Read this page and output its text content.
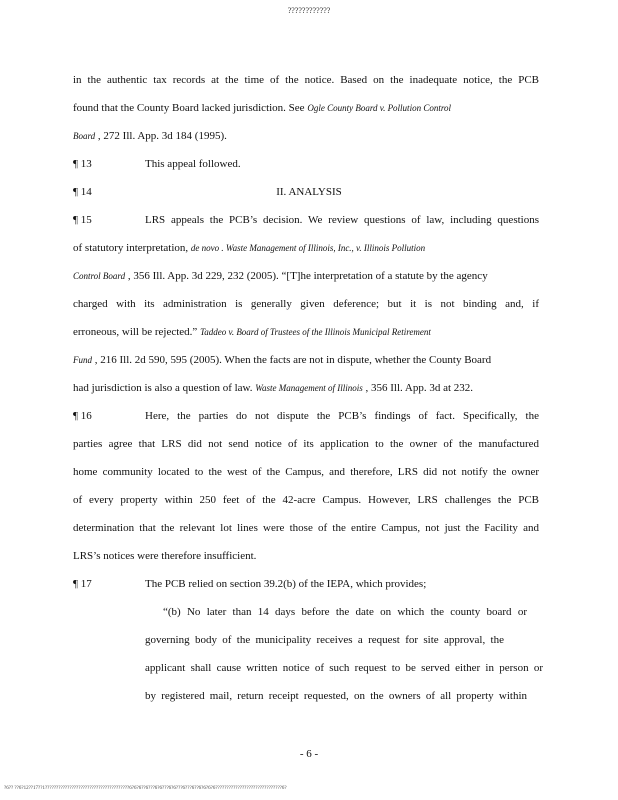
????????????
in the authentic tax records at the time of the notice. Based on the inadequate notice, the PCB
found that the County Board lacked jurisdiction. See Ogle County Board v. Pollution Control
Board , 272 Ill. App. 3d 184 (1995).
¶ 13	This appeal followed.
¶ 14	II. ANALYSIS
¶ 15	LRS appeals the PCB’s decision. We review questions of law, including questions
of statutory interpretation, de novo . Waste Management of Illinois, Inc., v. Illinois Pollution
Control Board , 356 Ill. App. 3d 229, 232 (2005). “[T]he interpretation of a statute by the agency
charged with its administration is generally given deference; but it is not binding and, if
erroneous, will be rejected.” Taddeo v. Board of Trustees of the Illinois Municipal Retirement
Fund , 216 Ill. 2d 590, 595 (2005). When the facts are not in dispute, whether the County Board
had jurisdiction is also a question of law. Waste Management of Illinois , 356 Ill. App. 3d at 232.
¶ 16	Here, the parties do not dispute the PCB’s findings of fact. Specifically, the
parties agree that LRS did not send notice of its application to the owner of the manufactured
home community located to the west of the Campus, and therefore, LRS did not notify the owner
of every property within 250 feet of the 42-acre Campus. However, LRS challenges the PCB
determination that the relevant lot lines were those of the entire Campus, not just the Facility and
LRS’s notices were therefore insufficient.
¶ 17	The PCB relied on section 39.2(b) of the IEPA, which provides;
“(b) No later than 14 days before the date on which the county board or
governing body of the municipality receives a request for site approval, the
applicant shall cause written notice of such request to be served either in person or
by registered mail, return receipt requested, on the owners of all property within
- 6 -
?6?? ??6?12??17??1??????????????????????????????????????6?6?6??6???6?6???6?6???6???6??6?6?6?6??????????????????????????????6?
